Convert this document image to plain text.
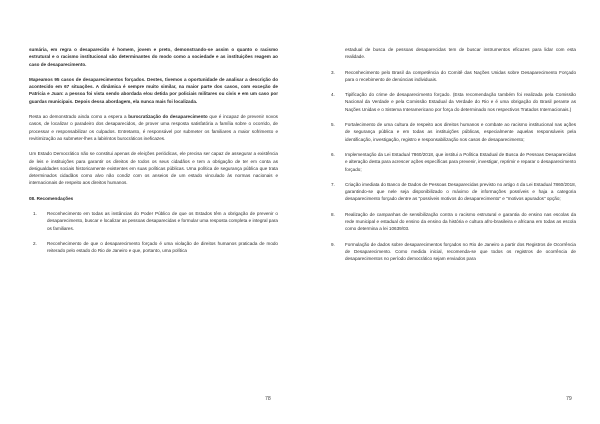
sumária, em regra o desaparecido é homem, jovem e preto, demonstrando-se assim o quanto o racismo estrutural e o racismo institucional são determinantes do modo como a sociedade e as instituições reagem ao caso de desaparecimento.

Mapeamos 95 casos de desaparecimentos forçados. Destes, tivemos a oportunidade de analisar a descrição do acontecido em 67 situações. A dinâmica é sempre muito similar, na maior parte dos casos, com exceção de Patrícia e Juan: a pessoa foi vista sendo abordada e/ou detida por policiais militares ou civis e em um caso por guardas municipais. Depois dessa abordagem, ela nunca mais foi localizada.

Resta ao demonstrado ainda como a espera a burocratização do desaparecimento que é incapaz de prevenir novos casos, de localizar o paradeiro dos desaparecidos, de prover uma resposta satisfatória a família sobre o ocorrido, de processar e responsabilizar os culpados. Entretanto, é responsável por submeter os familiares a maior sofrimento e revitimização ao submeter-lhes a labirintos burocráticos ineficazes.

Um Estado Democrático não se constitui apenas de eleições periódicas, ele precisa ser capaz de assegurar a existência de leis e instituições para garantir os direitos de todos os seus cidadãos e tem a obrigação de ter em conta as desigualdades sociais historicamente existentes em suas políticas públicas. Uma política de segurança pública que trata determinados cidadãos como alvo não condiz com os anseios de um estado vinculado às normas nacionais e internacionais de respeito aos direitos humanos.

08. Recomendações
1. Reconhecimento em todas as instâncias do Poder Público de que os Estados têm a obrigação de prevenir o desaparecimento, buscar e localizar as pessoas desaparecidas e formular uma resposta completa e integral para os familiares.
2. Reconhecimento de que o desaparecimento forçado é uma violação de direitos humanos praticada de modo reiterado pelo estado do Rio de Janeiro e que, portanto, uma política
78

estadual de busca de pessoas desaparecidas tem de buscar instrumentos eficazes para lidar com esta realidade.

3. Reconhecimento pelo Brasil da competência do Comitê das Nações Unidas sobre Desaparecimento Forçado para o recebimento de denúncias individuais.
4. Tipificação do crime de desaparecimento forçado. (Esta recomendação também foi realizada pela Comissão Nacional da Verdade e pela Comissão Estadual da Verdade do Rio e é uma obrigação do Brasil perante as Nações Unidas e o Sistema Interamericano por força do determinado nos respectivos Tratados Internacionais.)
5. Fortalecimento de uma cultura de respeito aos direitos humanos e combate ao racismo institucional nas ações de segurança pública e em todas as instituições públicas, especialmente aquelas responsáveis pela identificação, investigação, registro e responsabilização nos casos de desaparecimento;
6. Implementação da Lei Estadual 7860/2018, que institui a Política Estadual de Busca de Pessoas Desaparecidas e alteração desta para acrescer ações específicas para prevenir, investigar, reprimir e reparar o desaparecimento forçado;
7. Criação imediata do Banco de Dados de Pessoas Desaparecidas previsto no artigo 4 da Lei Estadual 7860/2018, garantindo-se que nele seja disponibilizado o máximo de informações possíveis e haja a categoria desaparecimento forçado dentre as "possíveis motivos do desaparecimento" e "motivos apurados" opção;
8. Realização de campanhas de sensibilização contra o racismo estrutural e garantia do ensino nas escolas da rede municipal e estadual do ensino da ensino da história e cultura afro-brasileira e africana em todas as escola como determina a lei 10639/03.
9. Formulação de dados sobre desaparecimentos forçados no Rio de Janeiro a partir dos Registros de Ocorrência de Desaparecimento. Como medida inicial, recomenda-se que todos os registros de ocorrência de desaparecimentos no período democrático sejam enviados para
79
